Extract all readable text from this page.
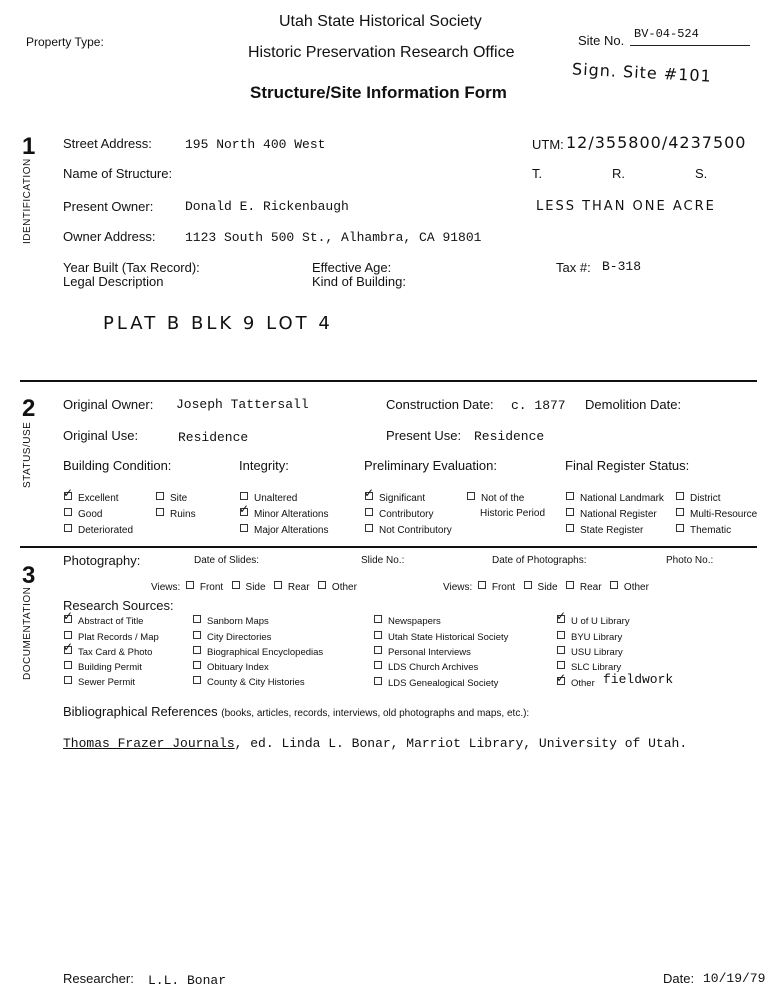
Property Type:
Utah State Historical Society
Historic Preservation Research Office
Structure/Site Information Form
Site No. BV-04-524
Sign. Site #101
1
IDENTIFICATION
Street Address:	195 North 400 West
Name of Structure:
Present Owner: Donald E. Rickenbaugh
Owner Address: 1123 South 500 St., Alhambra, CA 91801
UTM: 12/355800/4237500
T.	R.	S.
LESS THAN ONE ACRE
Year Built (Tax Record):
Legal Description
Effective Age:
Kind of Building:
Tax #: B-318
PLAT B BLK 9 LOT 4
2
STATUS/USE
Original Owner: Joseph Tattersall	Construction Date: c. 1877 Demolition Date:
Original Use:	Residence	Present Use: Residence
Building Condition:	Integrity:	Preliminary Evaluation:	Final Register Status:
✓ Excellent
Good
Deteriorated
Site
Ruins
Unaltered
✓ Minor Alterations
Major Alterations
✓ Significant
Contributory
Not Contributory
Not of the
Historic Period
National Landmark
National Register
State Register
District
Multi-Resource
Thematic
3
DOCUMENTATION
Photography:	Date of Slides:	Slide No.:	Date of Photographs:	Photo No.:
Views: Front Side Rear Other	Views: Front Side Rear Other
Research Sources:
✓ Abstract of Title
Plat Records / Map
✓ Tax Card & Photo
Building Permit
Sewer Permit
Sanborn Maps
City Directories
Biographical Encyclopedias
Obituary Index
County & City Histories
Newspapers
Utah State Historical Society
Personal Interviews
LDS Church Archives
LDS Genealogical Society
✓ U of U Library
BYU Library
USU Library
SLC Library
✓ Other fieldwork
Bibliographical References (books, articles, records, interviews, old photographs and maps, etc.):
Thomas Frazer Journals, ed. Linda L. Bonar, Marriot Library, University of Utah.
Researcher: L.L. Bonar	Date: 10/19/79
